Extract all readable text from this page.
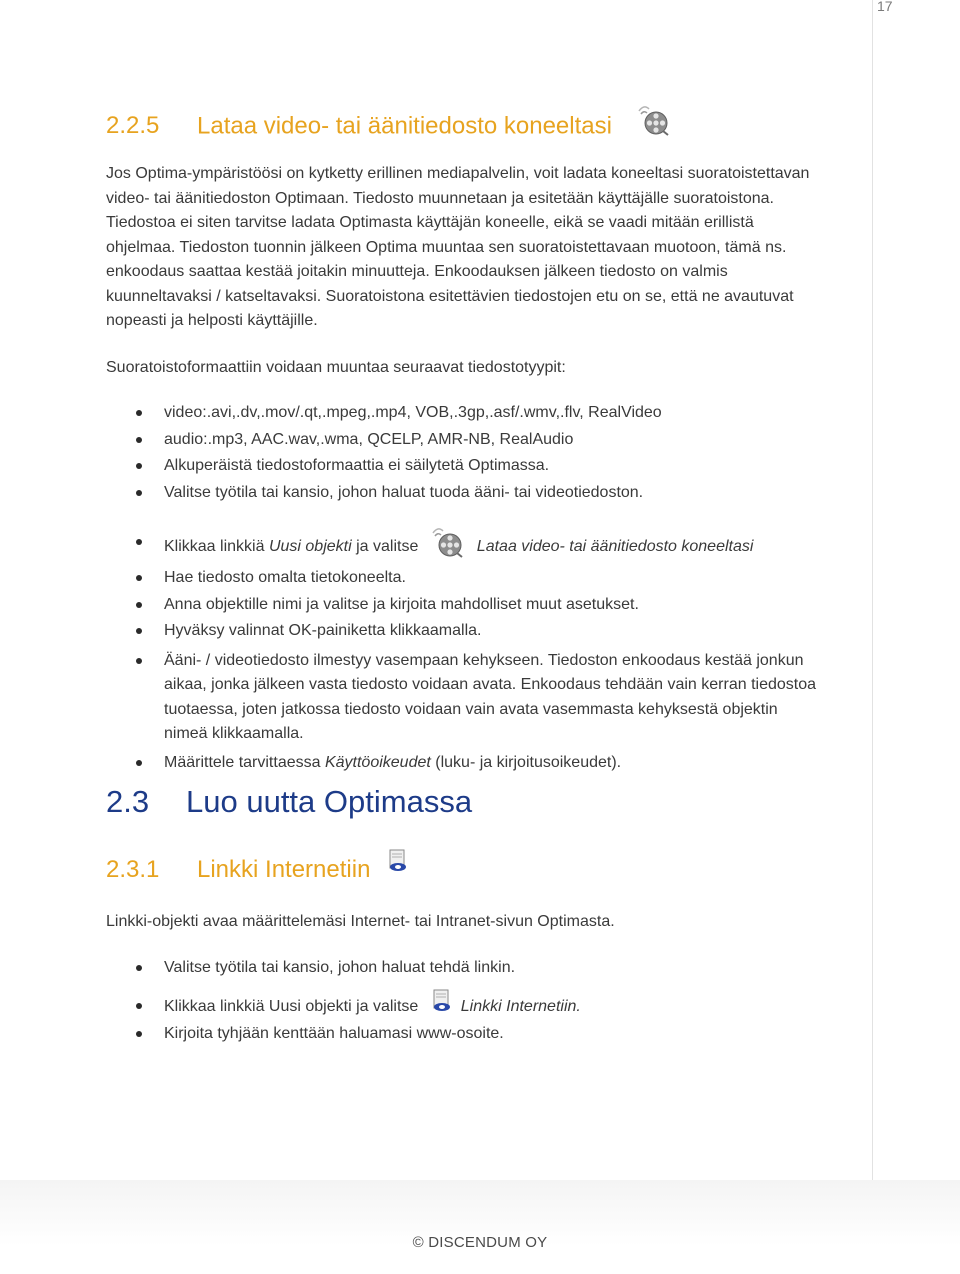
17
2.2.5 Lataa video- tai äänitiedosto koneeltasi
Jos Optima-ympäristöösi on kytketty erillinen mediapalvelin, voit ladata koneeltasi suoratoistettavan
video- tai äänitiedoston Optimaan. Tiedosto muunnetaan ja esitetään käyttäjälle suoratoistona.
Tiedostoa ei siten tarvitse ladata Optimasta käyttäjän koneelle, eikä se vaadi mitään erillistä
ohjelmaa. Tiedoston tuonnin jälkeen Optima muuntaa sen suoratoistettavaan muotoon, tämä ns.
enkoodaus saattaa kestää joitakin minuutteja. Enkoodauksen jälkeen tiedosto on valmis
kuunneltavaksi / katseltavaksi. Suoratoistona esitettävien tiedostojen etu on se, että ne avautuvat
nopeasti ja helposti käyttäjille.

Suoratoistoformaattiin voidaan muuntaa seuraavat tiedostotyypit:

video:.avi,.dv,.mov/.qt,.mpeg,.mp4, VOB,.3gp,.asf/.wmv,.flv, RealVideo
audio:.mp3, AAC.wav,.wma, QCELP, AMR-NB, RealAudio
Alkuperäistä tiedostoformaattia ei säilytetä Optimassa.
Valitse työtila tai kansio, johon haluat tuoda ääni- tai videotiedoston.
Klikkaa linkkiä Uusi objekti ja valitse	Lataa video- tai äänitiedosto koneeltasi
Hae tiedosto omalta tietokoneelta.
Anna objektille nimi ja valitse ja kirjoita mahdolliset muut asetukset.
Hyväksy valinnat OK-painiketta klikkaamalla.
Ääni- / videotiedosto ilmestyy vasempaan kehykseen. Tiedoston enkoodaus kestää jonkun
aikaa, jonka jälkeen vasta tiedosto voidaan avata. Enkoodaus tehdään vain kerran tiedostoa
tuotaessa, joten jatkossa tiedosto voidaan vain avata vasemmasta kehyksestä objektin
nimeä klikkaamalla.
Määrittele tarvittaessa Käyttöoikeudet (luku- ja kirjoitusoikeudet).
2.3 Luo uutta Optimassa
2.3.1 Linkki Internetiin

Linkki-objekti avaa määrittelemäsi Internet- tai Intranet-sivun Optimasta.

Valitse työtila tai kansio, johon haluat tehdä linkin.
Klikkaa linkkiä Uusi objekti ja valitse	Linkki Internetiin.
Kirjoita tyhjään kenttään haluamasi www-osoite.
© DISCENDUM OY
